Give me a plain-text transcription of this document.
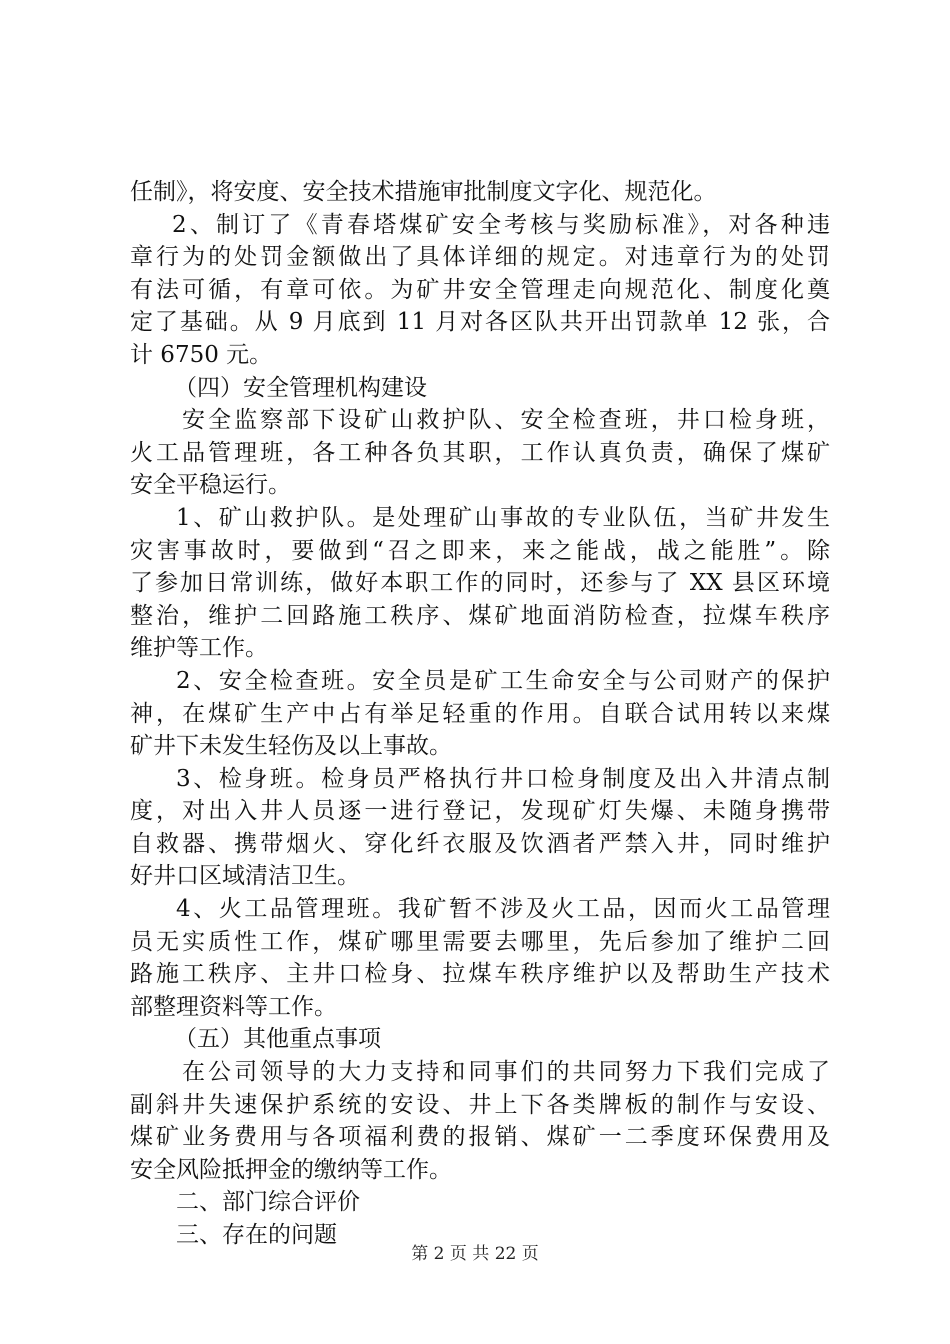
任制》，将安度、安全技术措施审批制度文字化、规范化。
2、制订了《青春塔煤矿安全考核与奖励标准》，对各种违
章行为的处罚金额做出了具体详细的规定。对违章行为的处罚
有法可循，有章可依。为矿井安全管理走向规范化、制度化奠
定了基础。从 9 月底到 11 月对各区队共开出罚款单 12 张，合
计 6750 元。
（四）安全管理机构建设
安全监察部下设矿山救护队、安全检查班，井口检身班，
火工品管理班，各工种各负其职，工作认真负责，确保了煤矿
安全平稳运行。
1、矿山救护队。是处理矿山事故的专业队伍，当矿井发生
灾害事故时，要做到“召之即来，来之能战，战之能胜”。除
了参加日常训练，做好本职工作的同时，还参与了 XX 县区环境
整治，维护二回路施工秩序、煤矿地面消防检查，拉煤车秩序
维护等工作。
2、安全检查班。安全员是矿工生命安全与公司财产的保护
神，在煤矿生产中占有举足轻重的作用。自联合试用转以来煤
矿井下未发生轻伤及以上事故。
3、检身班。检身员严格执行井口检身制度及出入井清点制
度，对出入井人员逐一进行登记，发现矿灯失爆、未随身携带
自救器、携带烟火、穿化纤衣服及饮酒者严禁入井，同时维护
好井口区域清洁卫生。
4、火工品管理班。我矿暂不涉及火工品，因而火工品管理
员无实质性工作，煤矿哪里需要去哪里，先后参加了维护二回
路施工秩序、主井口检身、拉煤车秩序维护以及帮助生产技术
部整理资料等工作。
（五）其他重点事项
在公司领导的大力支持和同事们的共同努力下我们完成了
副斜井失速保护系统的安设、井上下各类牌板的制作与安设、
煤矿业务费用与各项福利费的报销、煤矿一二季度环保费用及
安全风险抵押金的缴纳等工作。
二、部门综合评价
三、存在的问题
第 2 页 共 22 页
